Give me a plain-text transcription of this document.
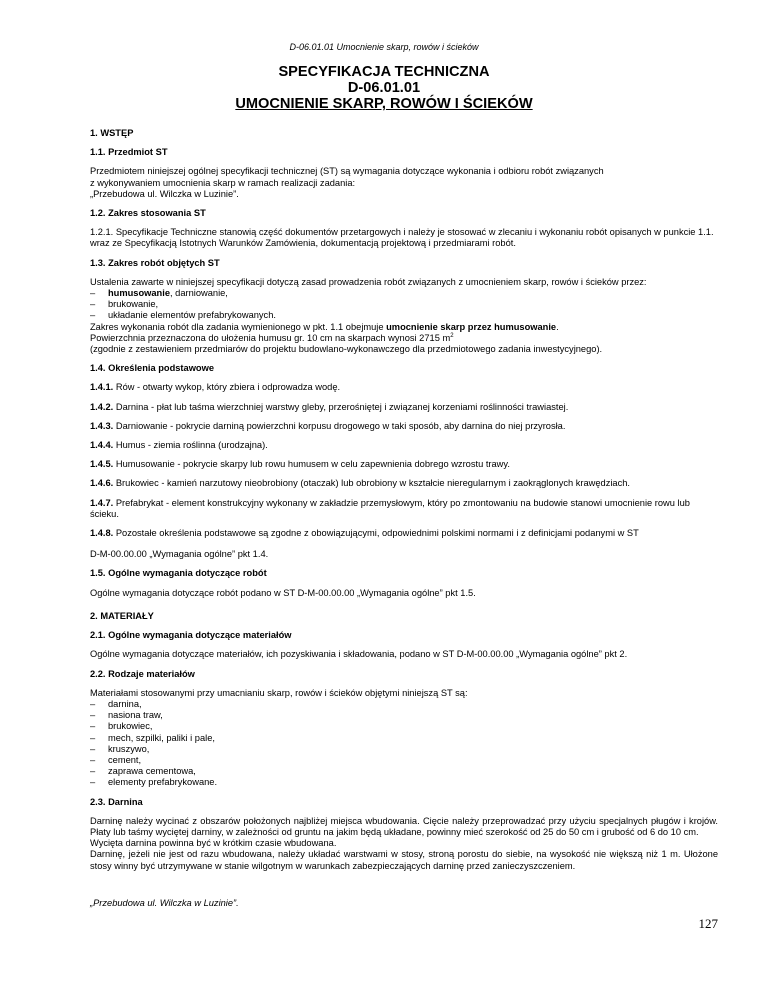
D-06.01.01 Umocnienie skarp, rowów i ścieków
SPECYFIKACJA TECHNICZNA
D-06.01.01
UMOCNIENIE SKARP, ROWÓW I ŚCIEKÓW

1. WSTĘP

1.1. Przedmiot ST

Przedmiotem niniejszej ogólnej specyfikacji technicznej (ST) są wymagania dotyczące wykonania i odbioru robót związanych

z wykonywaniem umocnienia skarp w ramach realizacji zadania:

„Przebudowa ul. Wilczka w Luzinie”.

1.2. Zakres stosowania ST

1.2.1. Specyfikacje Techniczne stanowią część dokumentów przetargowych i należy je stosować w zlecaniu i wykonaniu robót opisanych w punkcie 1.1. wraz ze Specyfikacją Istotnych Warunków Zamówienia, dokumentacją projektową i przedmiarami robót.

1.3. Zakres robót objętych ST

Ustalenia zawarte w niniejszej specyfikacji dotyczą zasad prowadzenia robót związanych z umocnieniem skarp, rowów i ścieków przez:

– humusowanie, darniowanie,
– brukowanie,
– układanie elementów prefabrykowanych.

Zakres wykonania robót dla zadania wymienionego w pkt. 1.1 obejmuje umocnienie skarp przez humusowanie.

Powierzchnia przeznaczona do ułożenia humusu gr. 10 cm na skarpach wynosi 2715 $m^2$

(zgodnie z zestawieniem przedmiarów do projektu budowlano-wykonawczego dla przedmiotowego zadania inwestycyjnego).

1.4. Określenia podstawowe

1.4.1. Rów - otwarty wykop, który zbiera i odprowadza wodę.

1.4.2. Darnina - płat lub taśma wierzchniej warstwy gleby, przerośniętej i związanej korzeniami roślinności trawiastej.

1.4.3. Darniowanie - pokrycie darniną powierzchni korpusu drogowego w taki sposób, aby darnina do niej przyrosła.

1.4.4. Humus - ziemia roślinna (urodzajna).

1.4.5. Humusowanie - pokrycie skarpy lub rowu humusem w celu zapewnienia dobrego wzrostu trawy.

1.4.6. Brukowiec - kamień narzutowy nieobrobiony (otaczak) lub obrobiony w kształcie nieregularnym i zaokrąglonych krawędziach.

1.4.7. Prefabrykat - element konstrukcyjny wykonany w zakładzie przemysłowym, który po zmontowaniu na budowie stanowi umocnienie rowu lub ścieku.

1.4.8. Pozostałe określenia podstawowe są zgodne z obowiązującymi, odpowiednimi polskimi normami i z definicjami podanymi w ST

D-M-00.00.00 „Wymagania ogólne” pkt 1.4.

1.5. Ogólne wymagania dotyczące robót

Ogólne wymagania dotyczące robót podano w ST D-M-00.00.00 „Wymagania ogólne” pkt 1.5.

2. MATERIAŁY

2.1. Ogólne wymagania dotyczące materiałów

Ogólne wymagania dotyczące materiałów, ich pozyskiwania i składowania, podano w ST D-M-00.00.00 „Wymagania ogólne” pkt 2.

2.2. Rodzaje materiałów

Materiałami stosowanymi przy umacnianiu skarp, rowów i ścieków objętymi niniejszą ST są:

– darnina,
– nasiona traw,
– brukowiec,
– mech, szpilki, paliki i pale,
– kruszywo,
– cement,
– zaprawa cementowa,
– elementy prefabrykowane.

2.3. Darnina

Darninę należy wycinać z obszarów położonych najbliżej miejsca wbudowania. Cięcie należy przeprowadzać przy użyciu specjalnych pługów i krojów. Płaty lub taśmy wyciętej darniny, w zależności od gruntu na jakim będą układane, powinny mieć szerokość od 25 do 50 cm i grubość od 6 do 10 cm.

Wycięta darnina powinna być w krótkim czasie wbudowana.

Darninę, jeżeli nie jest od razu wbudowana, należy układać warstwami w stosy, stroną porostu do siebie, na wysokość nie większą niż 1 m. Ułożone stosy winny być utrzymywane w stanie wilgotnym w warunkach zabezpieczających darninę przed zanieczyszczeniem.

„Przebudowa ul. Wilczka w Luzinie”.
127
